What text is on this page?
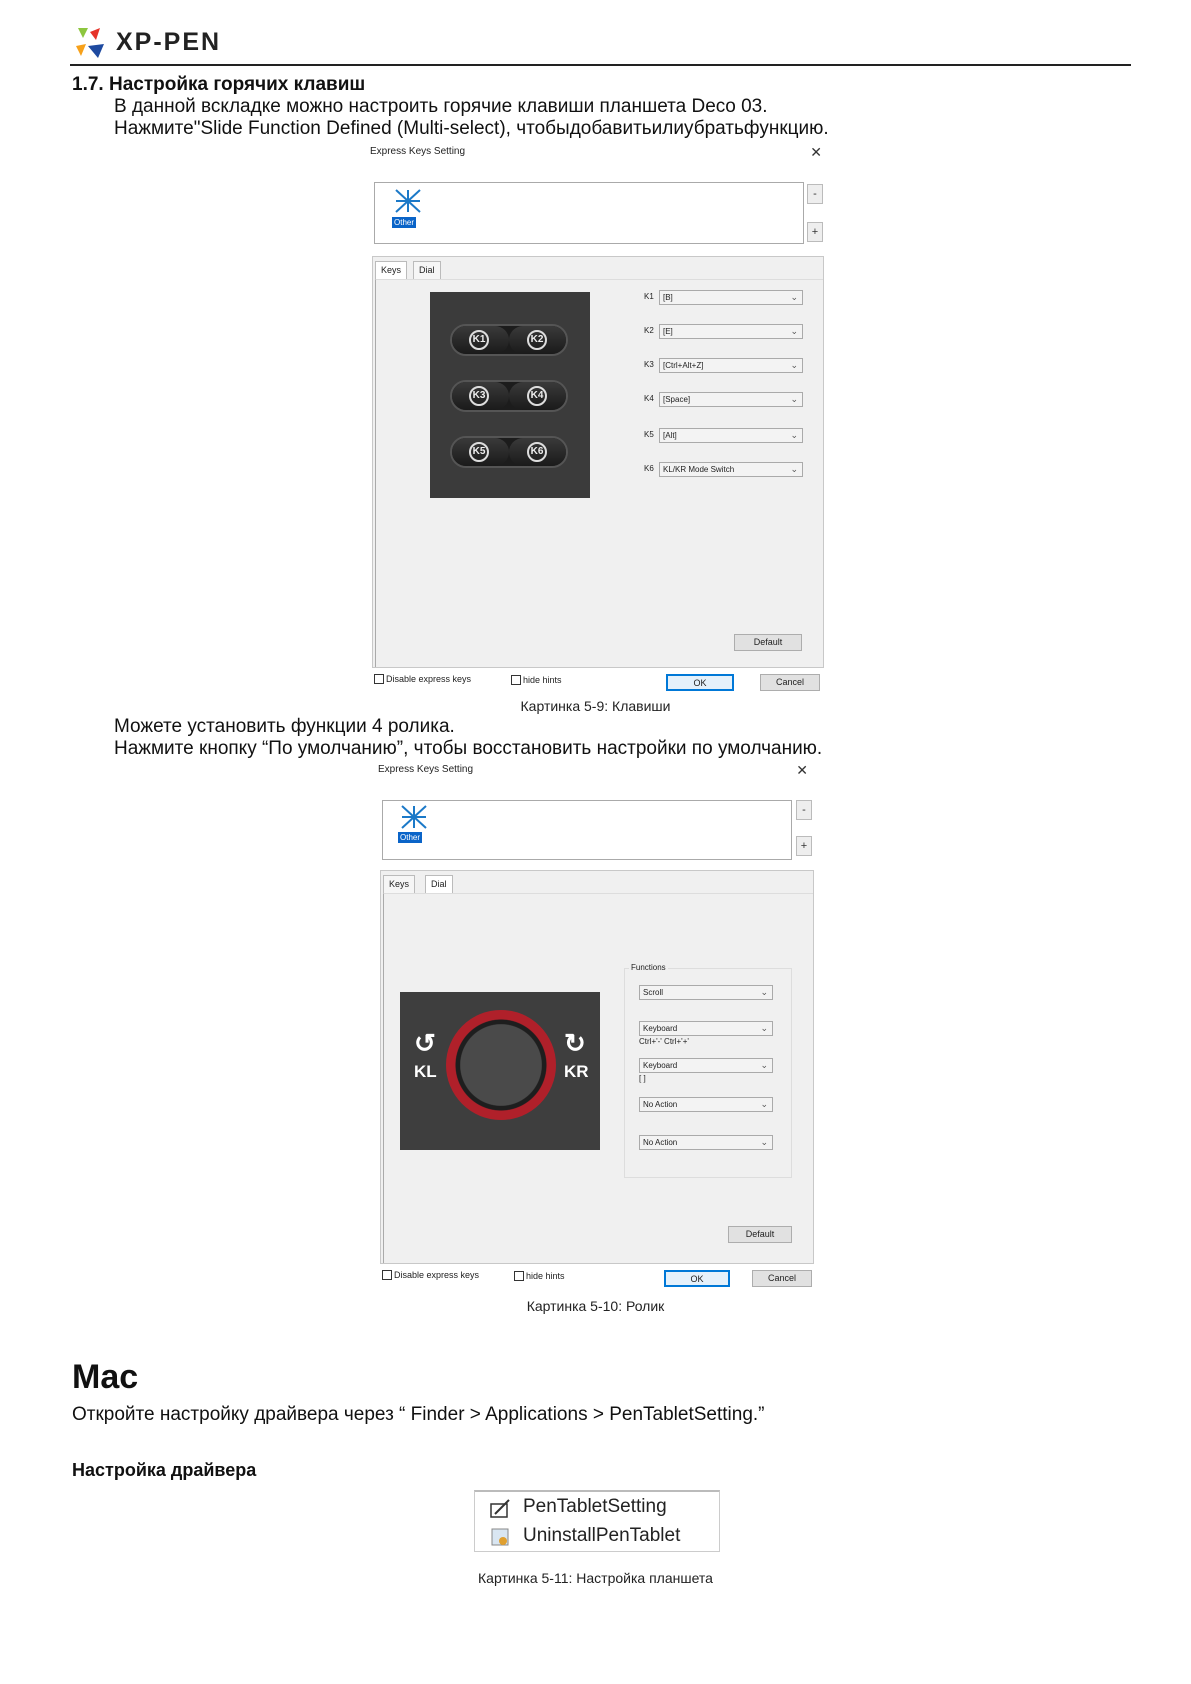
XP-PEN
1.7. Настройка горячих клавиш
В данной вскладке можно настроить горячие клавиши планшета Deco 03.
Нажмите"Slide Function Defined (Multi-select), чтобыдобавитьилиубратьфункцию.
Express Keys Setting	✕
Other
-
+
Keys	Dial
K1	K2
K3	K4
K5	K6
K1	[B]	⌄
K2	[E]	⌄
K3	[Ctrl+Alt+Z]	⌄
K4	[Space]	⌄
K5	[Alt]	⌄
K6	KL/KR Mode Switch	⌄
Default
Disable express keys	hide hints	OK	Cancel
Картинка 5-9: Клавиши
Можете установить функции 4 ролика.
Нажмите кнопку “По умолчанию”, чтобы восстановить настройки по умолчанию.
Express Keys Setting	✕
Other
-
+
Keys	Dial
↺
KL
↻
KR
Functions
Scroll	⌄
Keyboard	⌄
Ctrl+'-' Ctrl+'+'
Keyboard	⌄
[ ]
No Action	⌄
No Action	⌄
Default
Disable express keys	hide hints	OK	Cancel
Картинка 5-10: Ролик
Mac
Откройте настройку драйвера через “ Finder > Applications > PenTabletSetting.”
Настройка драйвера
PenTabletSetting
UninstallPenTablet
Картинка 5-11: Настройка планшета
